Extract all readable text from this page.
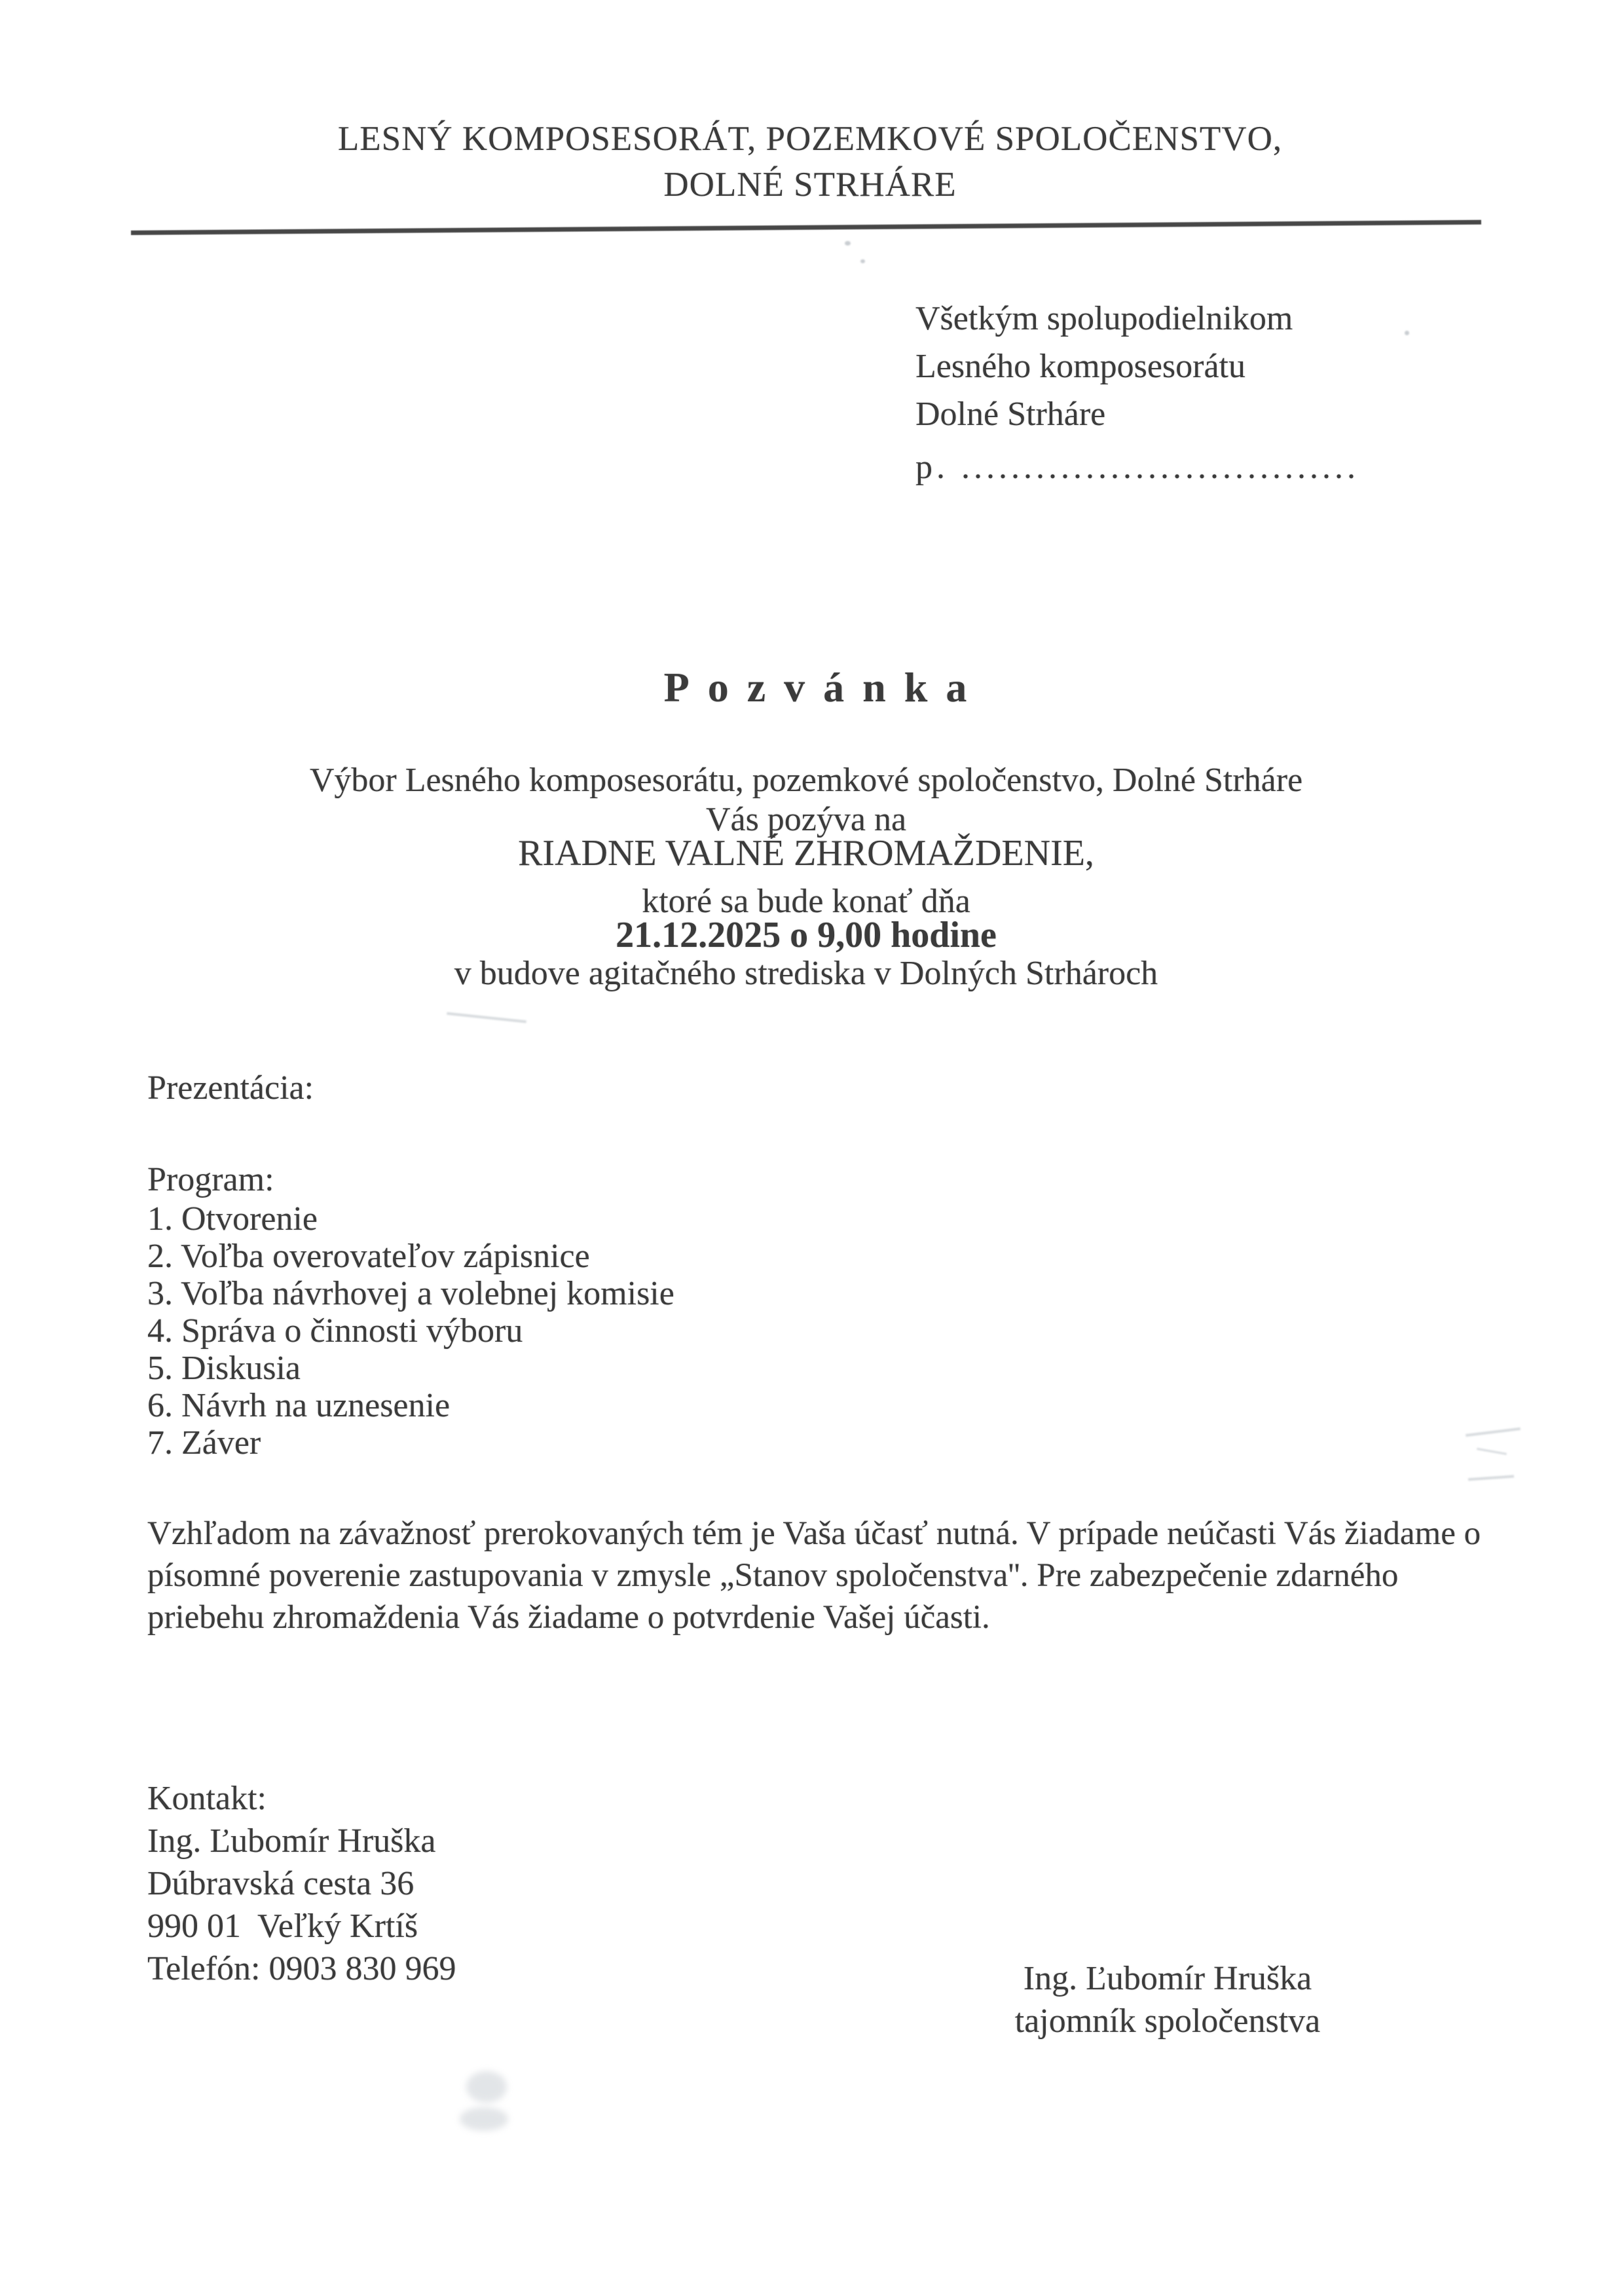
LESNÝ KOMPOSESORÁT, POZEMKOVÉ SPOLOČENSTVO,
DOLNÉ STRHÁRE
Všetkým spolupodielnikom
Lesného komposesorátu
Dolné Strháre
p. ................................
Pozvánka
Výbor Lesného komposesorátu, pozemkové spoločenstvo, Dolné Strháre
Vás pozýva na
RIADNE VALNÉ ZHROMAŽDENIE,
ktoré sa bude konať dňa
21.12.2025 o 9,00 hodine
v budove agitačného strediska v Dolných Strhároch
Prezentácia:
Program:
1. Otvorenie
2. Voľba overovateľov zápisnice
3. Voľba návrhovej a volebnej komisie
4. Správa o činnosti výboru
5. Diskusia
6. Návrh na uznesenie
7. Záver
Vzhľadom na závažnosť prerokovaných tém je Vaša účasť nutná. V prípade neúčasti Vás žiadame o
písomné poverenie zastupovania v zmysle „Stanov spoločenstva''. Pre zabezpečenie zdarného
priebehu zhromaždenia Vás žiadame o potvrdenie Vašej účasti.
Kontakt:
Ing. Ľubomír Hruška
Dúbravská cesta 36
990 01  Veľký Krtíš
Telefón: 0903 830 969	Ing. Ľubomír Hruška
tajomník spoločenstva
